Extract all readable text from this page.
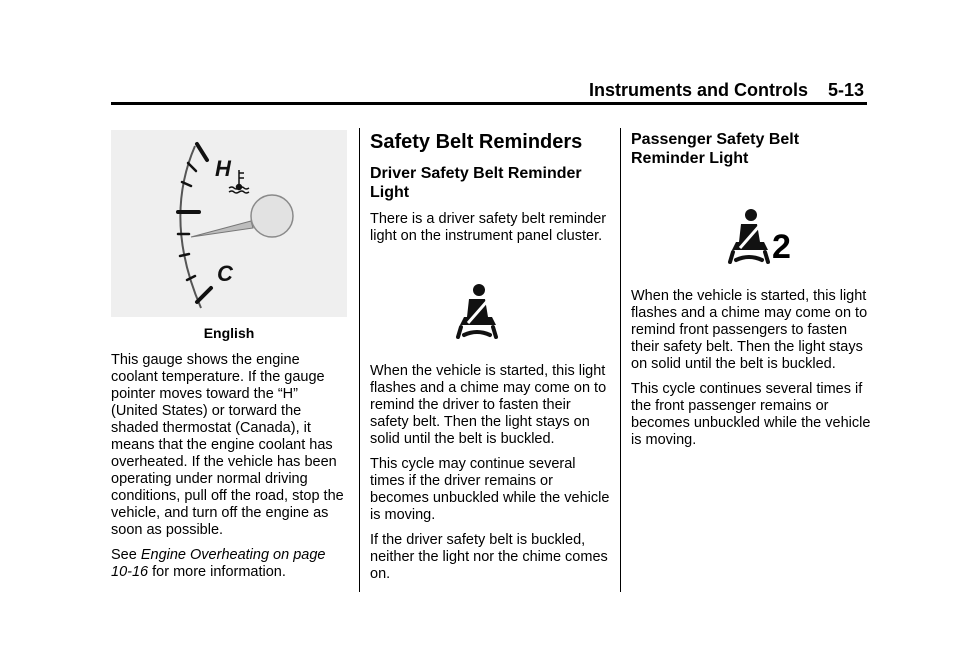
Instruments and Controls 5-13
H
C
English

This gauge shows the engine coolant temperature. If the gauge pointer moves toward the “H” (United States) or torward the shaded thermostat (Canada), it means that the engine coolant has overheated. If the vehicle has been operating under normal driving conditions, pull off the road, stop the vehicle, and turn off the engine as soon as possible.

See Engine Overheating on page 10-16 for more information.

Safety Belt Reminders
Driver Safety Belt Reminder Light

There is a driver safety belt reminder light on the instrument panel cluster.

When the vehicle is started, this light flashes and a chime may come on to remind the driver to fasten their safety belt. Then the light stays on solid until the belt is buckled.

This cycle may continue several times if the driver remains or becomes unbuckled while the vehicle is moving.

If the driver safety belt is buckled, neither the light nor the chime comes on.

Passenger Safety Belt Reminder Light
2

When the vehicle is started, this light flashes and a chime may come on to remind front passengers to fasten their safety belt. Then the light stays on solid until the belt is buckled.

This cycle continues several times if the front passenger remains or becomes unbuckled while the vehicle is moving.
